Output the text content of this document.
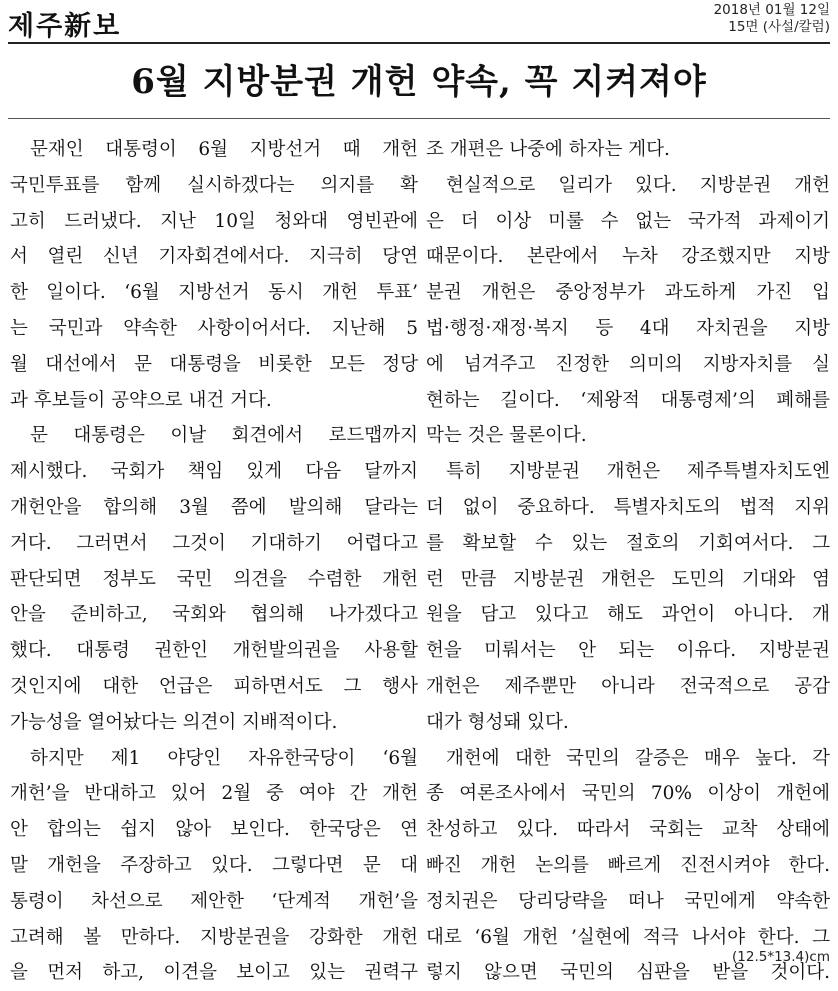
제주新보
2018년 01월 12일
15면 (사설/칼럼)
6월 지방분권 개헌 약속, 꼭 지켜져야
문재인 대통령이 6월 지방선거 때 개헌
국민투표를 함께 실시하겠다는 의지를 확
고히 드러냈다. 지난 10일 청와대 영빈관에
서 열린 신년 기자회견에서다. 지극히 당연
한 일이다. ‘6월 지방선거 동시 개헌 투표’
는 국민과 약속한 사항이어서다. 지난해 5
월 대선에서 문 대통령을 비롯한 모든 정당
과 후보들이 공약으로 내건 거다.
문 대통령은 이날 회견에서 로드맵까지
제시했다. 국회가 책임 있게 다음 달까지
개헌안을 합의해 3월 쯤에 발의해 달라는
거다. 그러면서 그것이 기대하기 어렵다고
판단되면 정부도 국민 의견을 수렴한 개헌
안을 준비하고, 국회와 협의해 나가겠다고
했다. 대통령 권한인 개헌발의권을 사용할
것인지에 대한 언급은 피하면서도 그 행사
가능성을 열어놨다는 의견이 지배적이다.
하지만 제1 야당인 자유한국당이 ‘6월
개헌’을 반대하고 있어 2월 중 여야 간 개헌
안 합의는 쉽지 않아 보인다. 한국당은 연
말 개헌을 주장하고 있다. 그렇다면 문 대
통령이 차선으로 제안한 ‘단계적 개헌’을
고려해 볼 만하다. 지방분권을 강화한 개헌
을 먼저 하고, 이견을 보이고 있는 권력구
조 개편은 나중에 하자는 게다.
현실적으로 일리가 있다. 지방분권 개헌
은 더 이상 미룰 수 없는 국가적 과제이기
때문이다. 본란에서 누차 강조했지만 지방
분권 개헌은 중앙정부가 과도하게 가진 입
법·행정·재정·복지 등 4대 자치권을 지방
에 넘겨주고 진정한 의미의 지방자치를 실
현하는 길이다. ‘제왕적 대통령제’의 폐해를
막는 것은 물론이다.
특히 지방분권 개헌은 제주특별자치도엔
더 없이 중요하다. 특별자치도의 법적 지위
를 확보할 수 있는 절호의 기회여서다. 그
런 만큼 지방분권 개헌은 도민의 기대와 염
원을 담고 있다고 해도 과언이 아니다. 개
헌을 미뤄서는 안 되는 이유다. 지방분권
개헌은 제주뿐만 아니라 전국적으로 공감
대가 형성돼 있다.
개헌에 대한 국민의 갈증은 매우 높다. 각
종 여론조사에서 국민의 70% 이상이 개헌에
찬성하고 있다. 따라서 국회는 교착 상태에
빠진 개헌 논의를 빠르게 진전시켜야 한다.
정치권은 당리당략을 떠나 국민에게 약속한
대로 ‘6월 개헌 ’실현에 적극 나서야 한다. 그
렇지 않으면 국민의 심판을 받을 것이다.
(12.5*13.4)cm
